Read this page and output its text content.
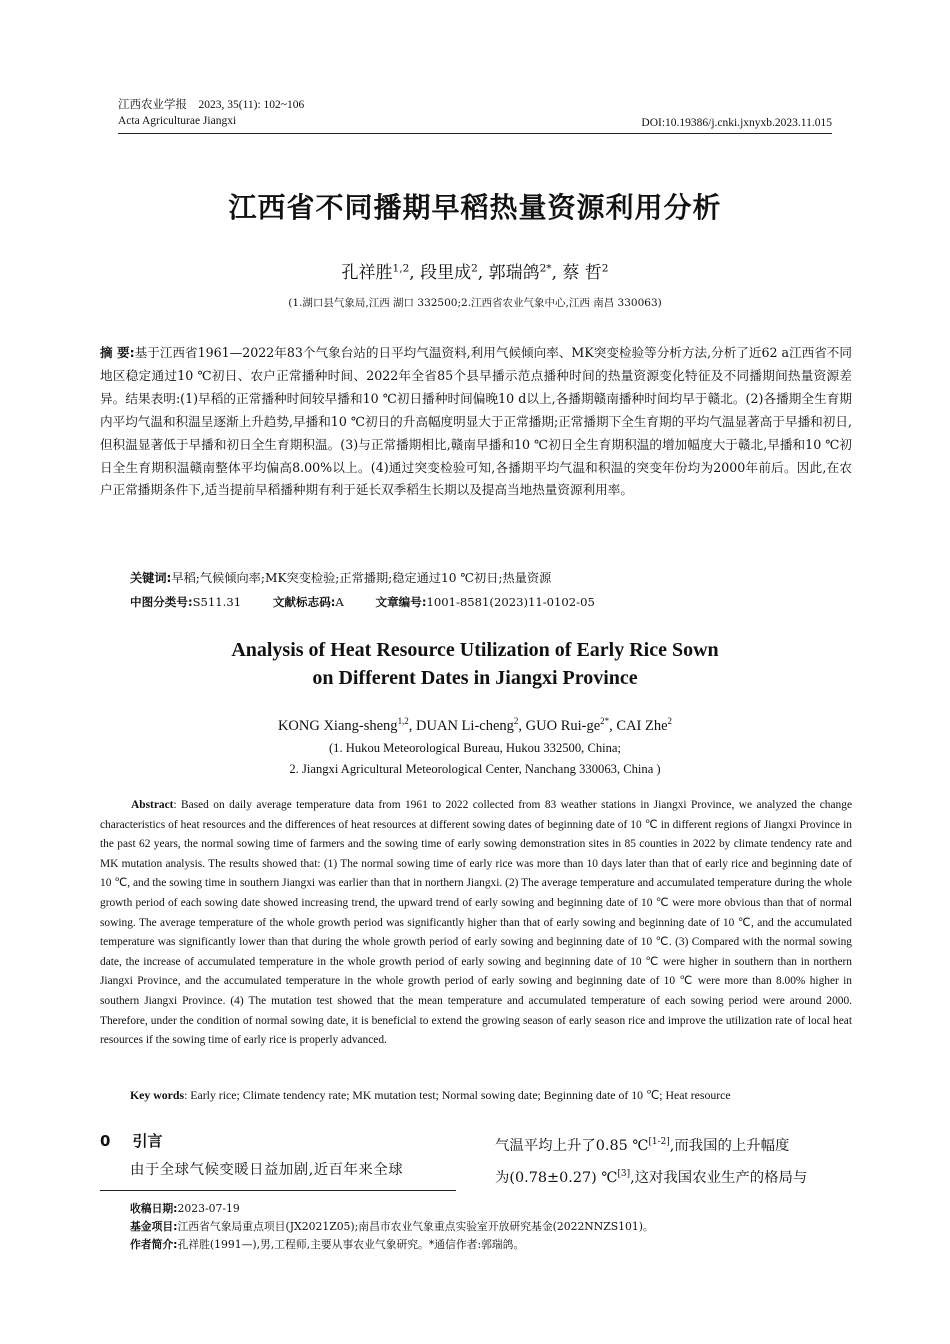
江西农业学报 2023, 35(11): 102~106
Acta Agriculturae Jiangxi	DOI:10.19386/j.cnki.jxnyxb.2023.11.015
江西省不同播期早稻热量资源利用分析
孔祥胜$^{1,2}$, 段里成$^2$, 郭瑞鸽$^{2*}$, 蔡 哲$^2$
(1.湖口县气象局,江西 湖口 332500;2.江西省农业气象中心,江西 南昌 330063)
摘 要:基于江西省1961—2022年83个气象台站的日平均气温资料,利用气候倾向率、MK突变检验等分析方法,分析了近62 a江西省不同地区稳定通过10 ℃初日、农户正常播种时间、2022年全省85个县早播示范点播种时间的热量资源变化特征及不同播期间热量资源差异。结果表明:(1)早稻的正常播种时间较早播和10 ℃初日播种时间偏晚10 d以上,各播期赣南播种时间均早于赣北。(2)各播期全生育期内平均气温和积温呈逐渐上升趋势,早播和10 ℃初日的升高幅度明显大于正常播期;正常播期下全生育期的平均气温显著高于早播和初日,但积温显著低于早播和初日全生育期积温。(3)与正常播期相比,赣南早播和10 ℃初日全生育期积温的增加幅度大于赣北,早播和10 ℃初日全生育期积温赣南整体平均偏高8.00%以上。(4)通过突变检验可知,各播期平均气温和积温的突变年份均为2000年前后。因此,在农户正常播期条件下,适当提前早稻播种期有利于延长双季稻生长期以及提高当地热量资源利用率。
关键词:早稻;气候倾向率;MK突变检验;正常播期;稳定通过10 ℃初日;热量资源
中图分类号:S511.31	文献标志码:A	文章编号:1001-8581(2023)11-0102-05
Analysis of Heat Resource Utilization of Early Rice Sown
on Different Dates in Jiangxi Province
KONG Xiang-sheng$^{1,2}$, DUAN Li-cheng$^2$, GUO Rui-$ge^{2*}$, CAI Zhe$^2$
(1. Hukou Meteorological Bureau, Hukou 332500, China;
2. Jiangxi Agricultural Meteorological Center, Nanchang 330063, China )
Abstract: Based on daily average temperature data from 1961 to 2022 collected from 83 weather stations in Jiangxi Province, we analyzed the change characteristics of heat resources and the differences of heat resources at different sowing dates of beginning date of 10 ℃ in different regions of Jiangxi Province in the past 62 years, the normal sowing time of farmers and the sowing time of early sowing demonstration sites in 85 counties in 2022 by climate tendency rate and MK mutation analysis. The results showed that: (1) The normal sowing time of early rice was more than 10 days later than that of early rice and beginning date of 10 ℃, and the sowing time in southern Jiangxi was earlier than that in northern Jiangxi. (2) The average temperature and accumulated temperature during the whole growth period of each sowing date showed increasing trend, the upward trend of early sowing and beginning date of 10 ℃ were more obvious than that of normal sowing. The average temperature of the whole growth period was significantly higher than that of early sowing and beginning date of 10 ℃, and the accumulated temperature was significantly lower than that during the whole growth period of early sowing and beginning date of 10 ℃. (3) Compared with the normal sowing date, the increase of accumulated temperature in the whole growth period of early sowing and beginning date of 10 ℃ were higher in southern than in northern Jiangxi Province, and the accumulated temperature in the whole growth period of early sowing and beginning date of 10 ℃ were more than 8.00% higher in southern Jiangxi Province. (4) The mutation test showed that the mean temperature and accumulated temperature of each sowing period were around 2000. Therefore, under the condition of normal sowing date, it is beneficial to extend the growing season of early season rice and improve the utilization rate of local heat resources if the sowing time of early rice is properly advanced.
Key words: Early rice; Climate tendency rate; MK mutation test; Normal sowing date; Beginning date of 10 ℃; Heat resource
0 引言
由于全球气候变暖日益加剧,近百年来全球
气温平均上升了0.85 ℃[1-2],而我国的上升幅度
为(0.78±0.27) ℃[3],这对我国农业生产的格局与
收稿日期:2023-07-19
基金项目:江西省气象局重点项目(JX2021Z05);南昌市农业气象重点实验室开放研究基金(2022NNZS101)。
作者简介:孔祥胜(1991—),男,工程师,主要从事农业气象研究。*通信作者:郭瑞鸽。
